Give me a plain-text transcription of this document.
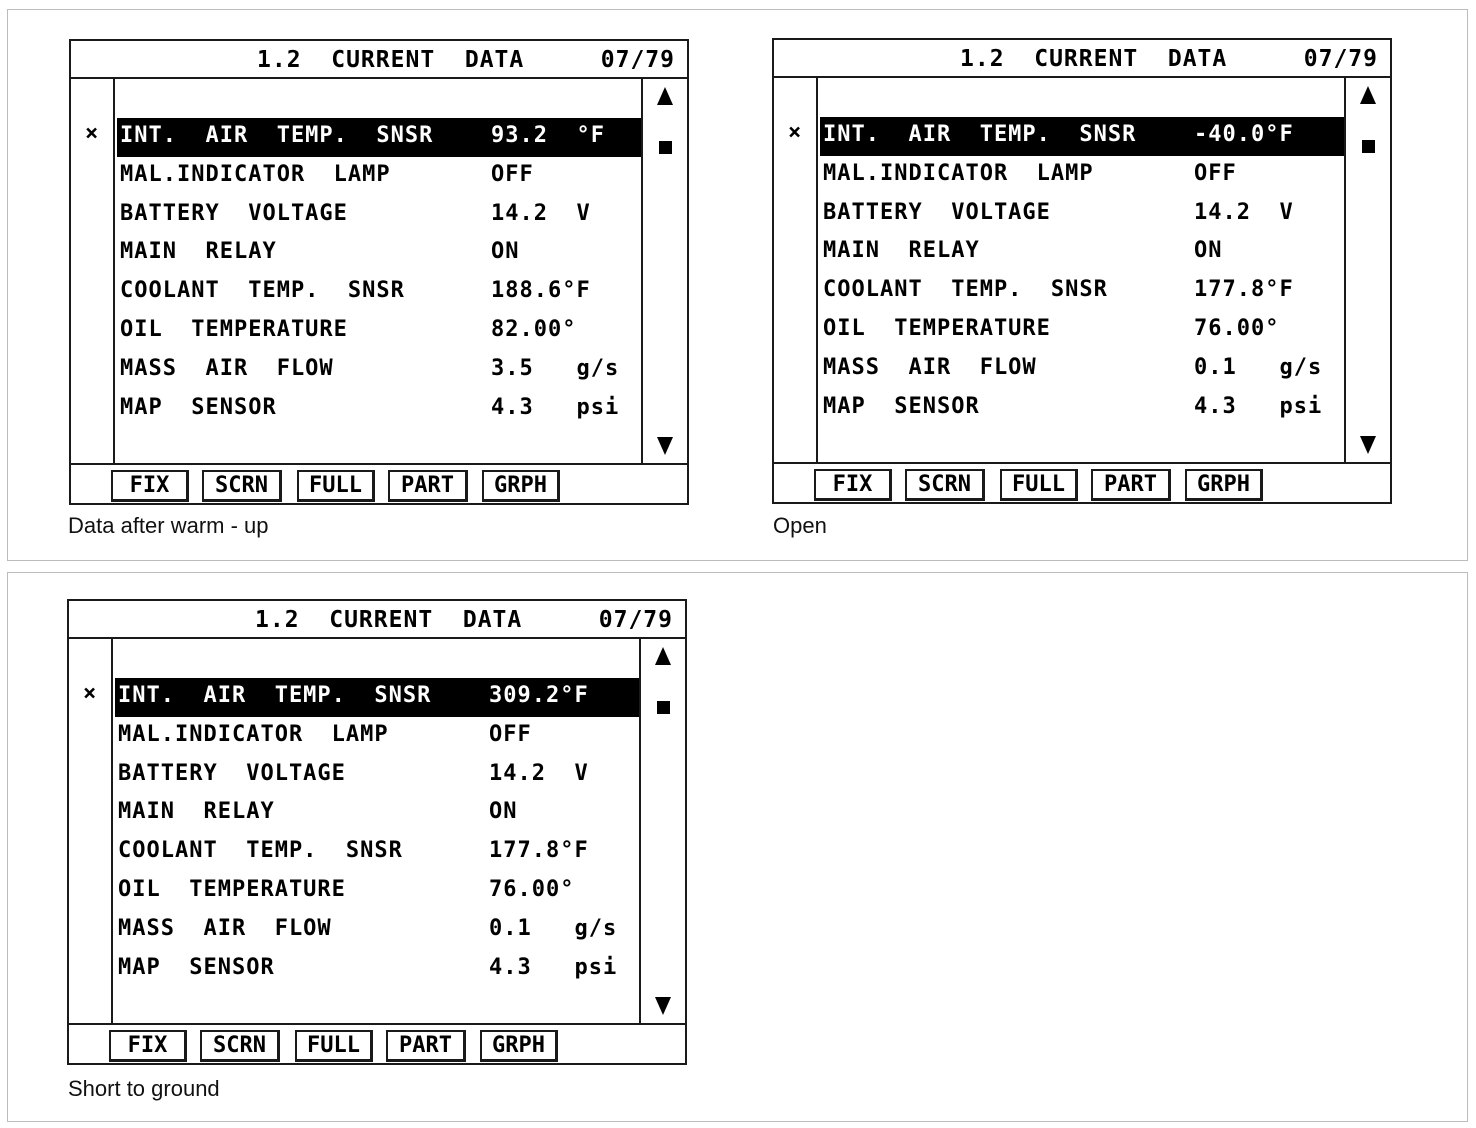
1.2  CURRENT  DATA	07/79
× INT.  AIR  TEMP.  SNSR	93.2  °F
MAL.INDICATOR  LAMP	OFF
BATTERY  VOLTAGE	14.2  V
MAIN  RELAY	ON
COOLANT  TEMP.  SNSR	188.6°F
OIL  TEMPERATURE	82.00°
MASS  AIR  FLOW	3.5   g/s
MAP  SENSOR	4.3   psi
FIX	SCRN	FULL	PART	GRPH
Data after warm - up
1.2  CURRENT  DATA	07/79
× INT.  AIR  TEMP.  SNSR	-40.0°F
MAL.INDICATOR  LAMP	OFF
BATTERY  VOLTAGE	14.2  V
MAIN  RELAY	ON
COOLANT  TEMP.  SNSR	177.8°F
OIL  TEMPERATURE	76.00°
MASS  AIR  FLOW	0.1   g/s
MAP  SENSOR	4.3   psi
FIX	SCRN	FULL	PART	GRPH
Open
1.2  CURRENT  DATA	07/79
× INT.  AIR  TEMP.  SNSR	309.2°F
MAL.INDICATOR  LAMP	OFF
BATTERY  VOLTAGE	14.2  V
MAIN  RELAY	ON
COOLANT  TEMP.  SNSR	177.8°F
OIL  TEMPERATURE	76.00°
MASS  AIR  FLOW	0.1   g/s
MAP  SENSOR	4.3   psi
FIX	SCRN	FULL	PART	GRPH
Short to ground
